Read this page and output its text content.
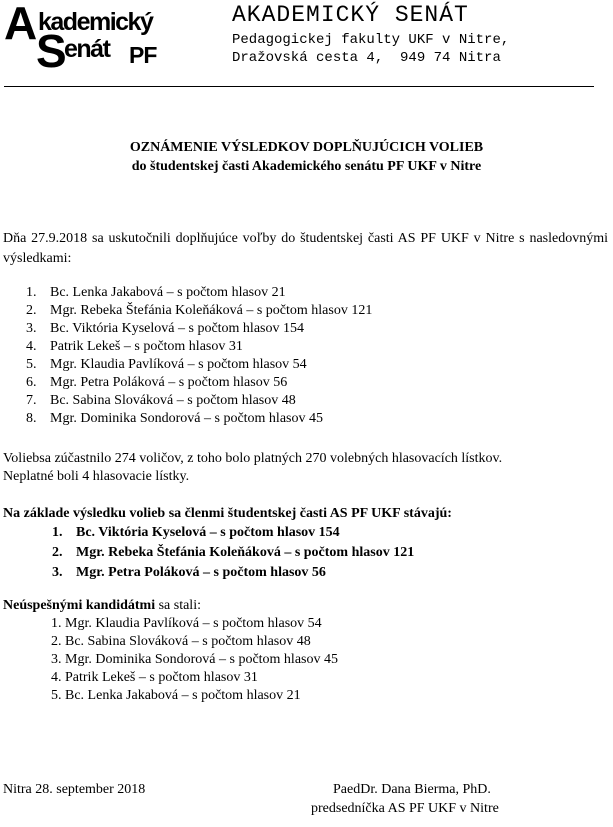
A kademický
S
enát PF
AKADEMICKÝ SENÁT
Pedagogickej fakulty UKF v Nitre,
Dražovská cesta 4,  949 74 Nitra
OZNÁMENIE VÝSLEDKOV DOPLŇUJÚCICH VOLIEB
do študentskej časti Akademického senátu PF UKF v Nitre
Dňa 27.9.2018 sa uskutočnili doplňujúce voľby do študentskej časti AS PF UKF v Nitre s nasledovnými výsledkami:
1. Bc. Lenka Jakabová – s počtom hlasov 21
2. Mgr. Rebeka Štefánia Koleňáková – s počtom hlasov 121
3. Bc. Viktória Kyselová – s počtom hlasov 154
4. Patrik Lekeš – s počtom hlasov 31
5. Mgr. Klaudia Pavlíková – s počtom hlasov 54
6. Mgr. Petra Poláková – s počtom hlasov 56
7. Bc. Sabina Slováková – s počtom hlasov 48
8. Mgr. Dominika Sondorová – s počtom hlasov 45
Voliebsa zúčastnilo 274 voličov, z toho bolo platných 270 volebných hlasovacích lístkov.
Neplatné boli 4 hlasovacie lístky.
Na základe výsledku volieb sa členmi študentskej časti AS PF UKF stávajú:
1. Bc. Viktória Kyselová – s počtom hlasov 154
2. Mgr. Rebeka Štefánia Koleňáková – s počtom hlasov 121
3. Mgr. Petra Poláková – s počtom hlasov 56
Neúspešnými kandidátmi sa stali:
1. Mgr. Klaudia Pavlíková – s počtom hlasov 54
2. Bc. Sabina Slováková – s počtom hlasov 48
3. Mgr. Dominika Sondorová – s počtom hlasov 45
4. Patrik Lekeš – s počtom hlasov 31
5. Bc. Lenka Jakabová – s počtom hlasov 21
Nitra 28. september 2018	PaedDr. Dana Bierma, PhD.
predsedníčka AS PF UKF v Nitre
